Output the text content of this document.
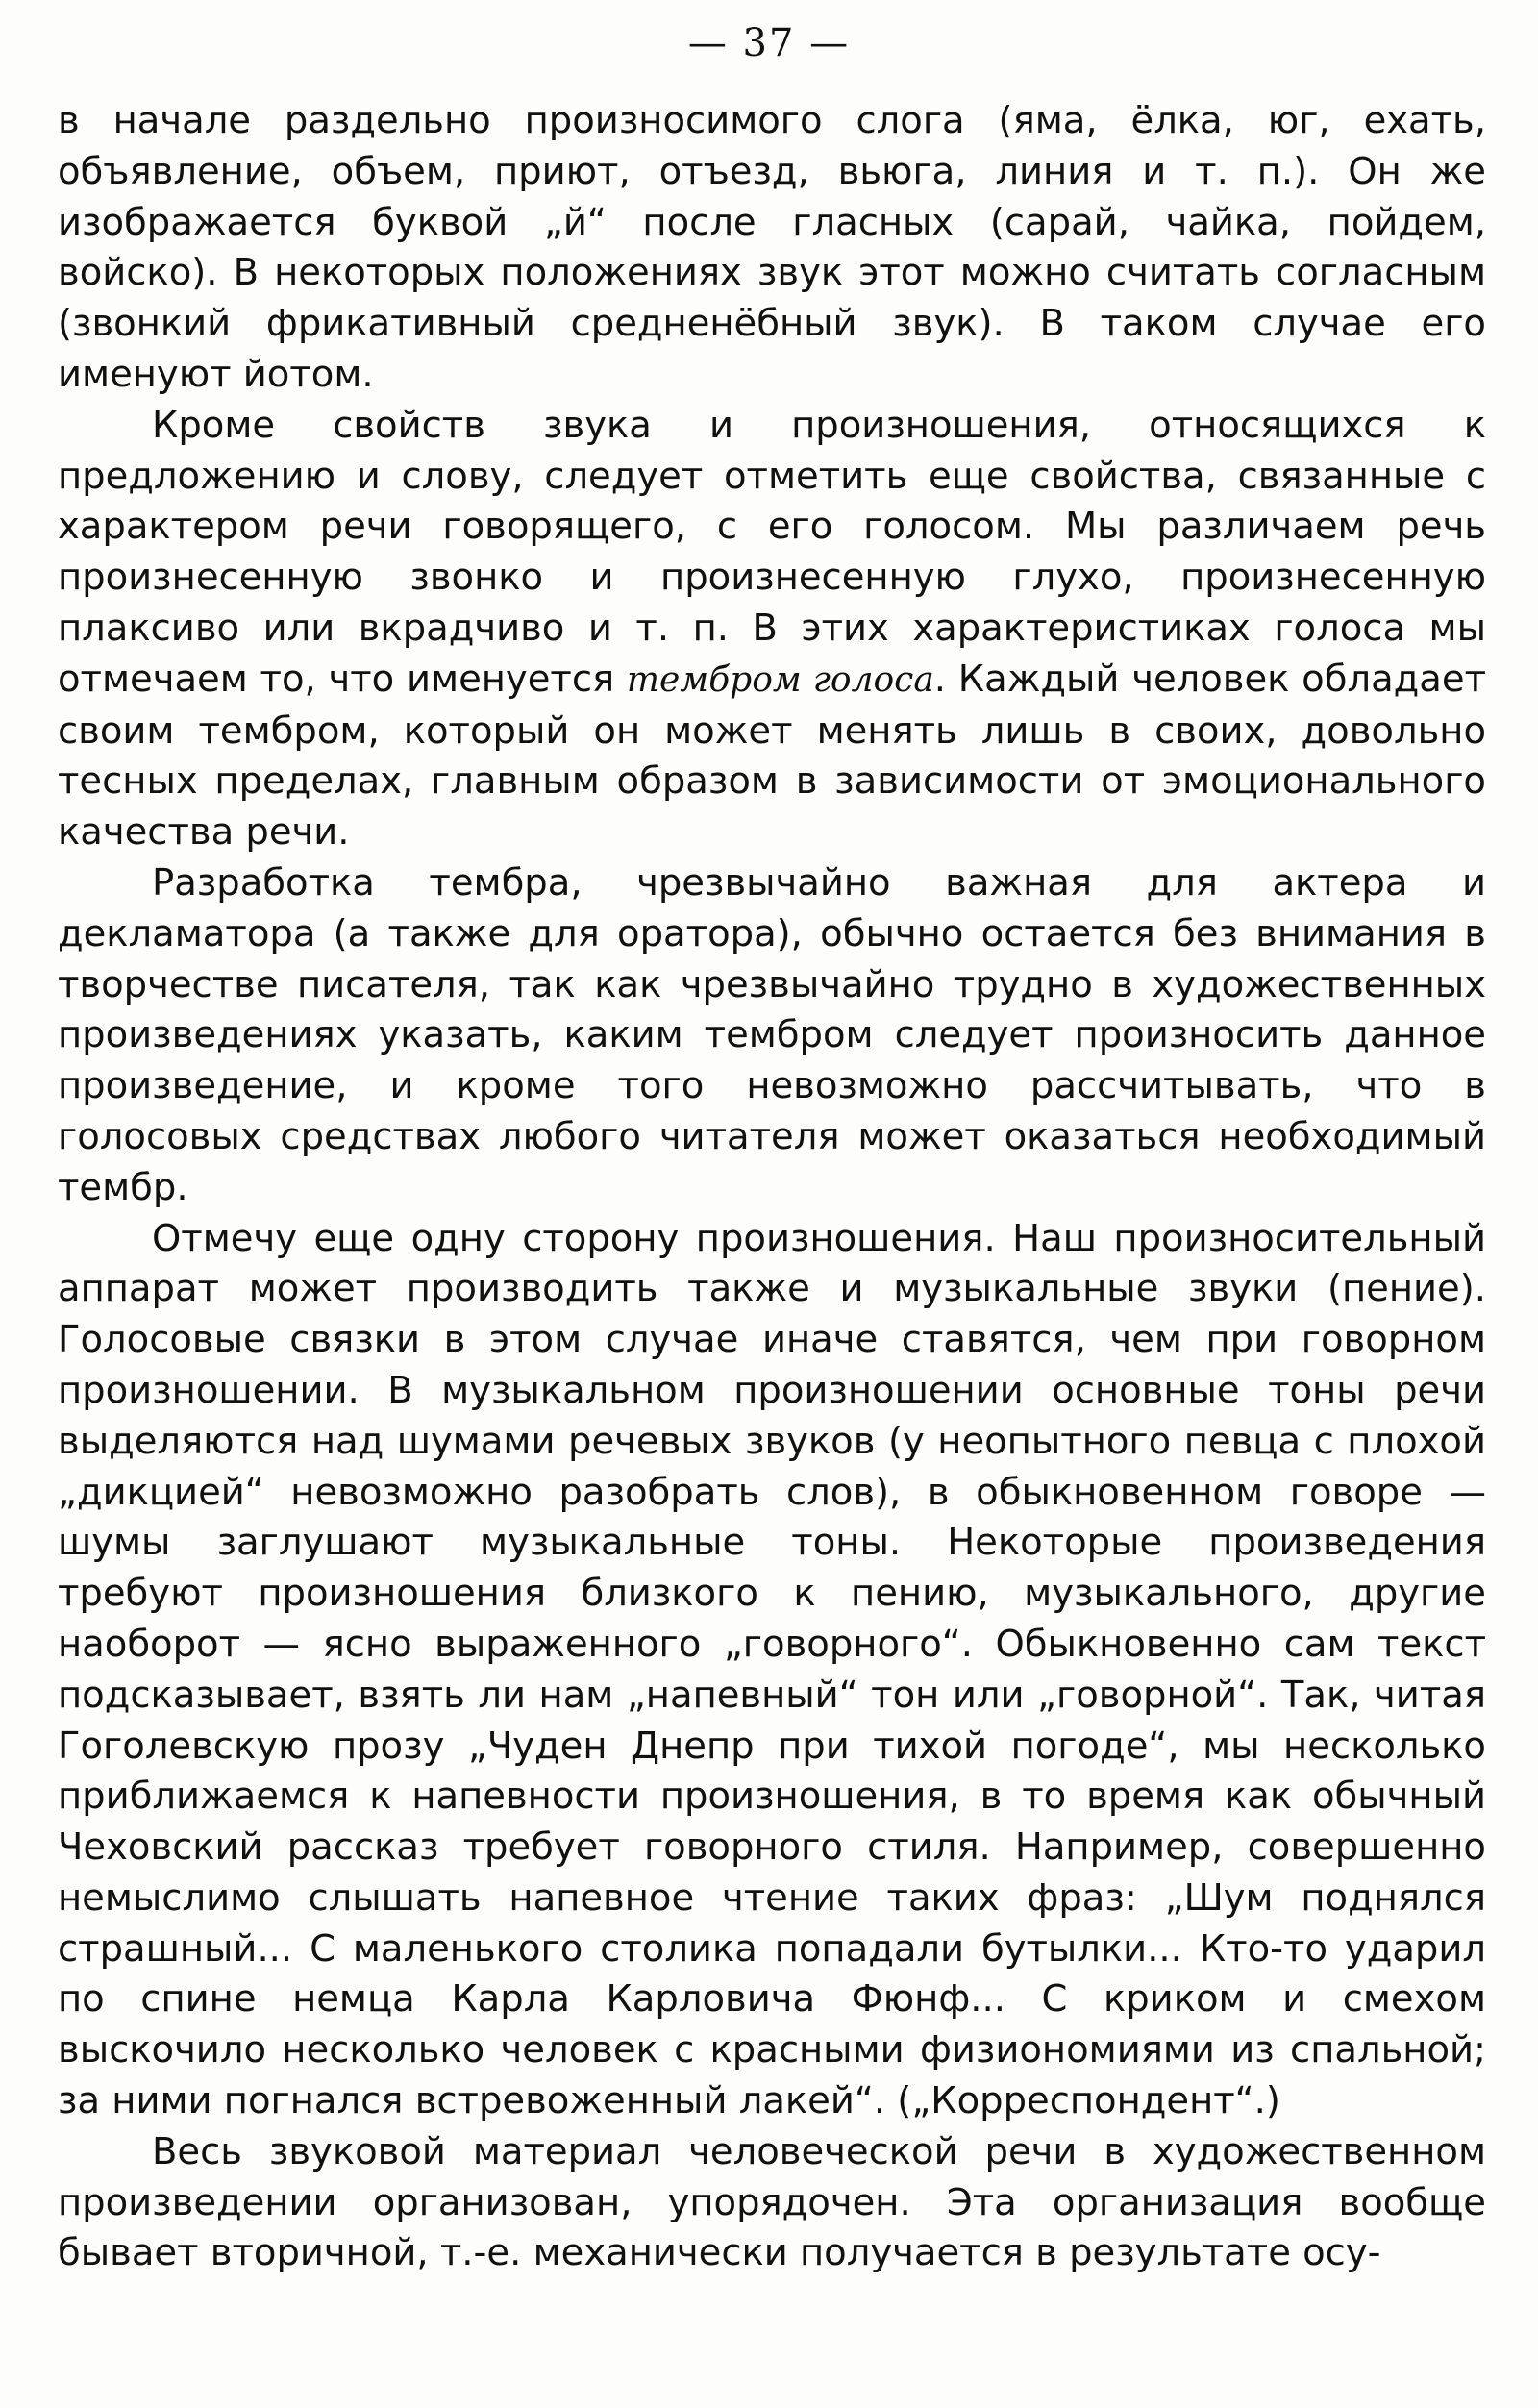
— 37 —

в начале раздельно произносимого слога (яма, ёлка, юг, ехать, объявление, объем, приют, отъезд, вьюга, линия и т. п.). Он же изображается буквой „й“ после гласных (сарай, чайка, пойдем, войско). В некоторых положениях звук этот можно считать согласным (звонкий фрикативный средненёбный звук). В таком случае его именуют йотом.

Кроме свойств звука и произношения, относящихся к предложению и слову, следует отметить еще свойства, связанные с характером речи говорящего, с его голосом. Мы различаем речь произнесенную звонко и произнесенную глухо, произнесенную плаксиво или вкрадчиво и т. п. В этих характеристиках голоса мы отмечаем то, что именуется тембром голоса. Каждый человек обладает своим тембром, который он может менять лишь в своих, довольно тесных пределах, главным образом в зависимости от эмоционального качества речи.

Разработка тембра, чрезвычайно важная для актера и декламатора (а также для оратора), обычно остается без внимания в творчестве писателя, так как чрезвычайно трудно в художественных произведениях указать, каким тембром следует произносить данное произведение, и кроме того невозможно рассчитывать, что в голосовых средствах любого читателя может оказаться необходимый тембр.

Отмечу еще одну сторону произношения. Наш произносительный аппарат может производить также и музыкальные звуки (пение). Голосовые связки в этом случае иначе ставятся, чем при говорном произношении. В музыкальном произношении основные тоны речи выделяются над шумами речевых звуков (у неопытного певца с плохой „дикцией“ невозможно разобрать слов), в обыкновенном говоре — шумы заглушают музыкальные тоны. Некоторые произведения требуют произношения близкого к пению, музыкального, другие наоборот — ясно выраженного „говорного“. Обыкновенно сам текст подсказывает, взять ли нам „напевный“ тон или „говорной“. Так, читая Гоголевскую прозу „Чуден Днепр при тихой погоде“, мы несколько приближаемся к напевности произношения, в то время как обычный Чеховский рассказ требует говорного стиля. Например, совершенно немыслимо слышать напевное чтение таких фраз: „Шум поднялся страшный... С маленького столика попадали бутылки... Кто-то ударил по спине немца Карла Карловича Фюнф... С криком и смехом выскочило несколько человек с красными физиономиями из спальной; за ними погнался встревоженный лакей“. („Корреспондент“.)

Весь звуковой материал человеческой речи в художественном произведении организован, упорядочен. Эта организация вообще бывает вторичной, т.-е. механически получается в результате осу-
